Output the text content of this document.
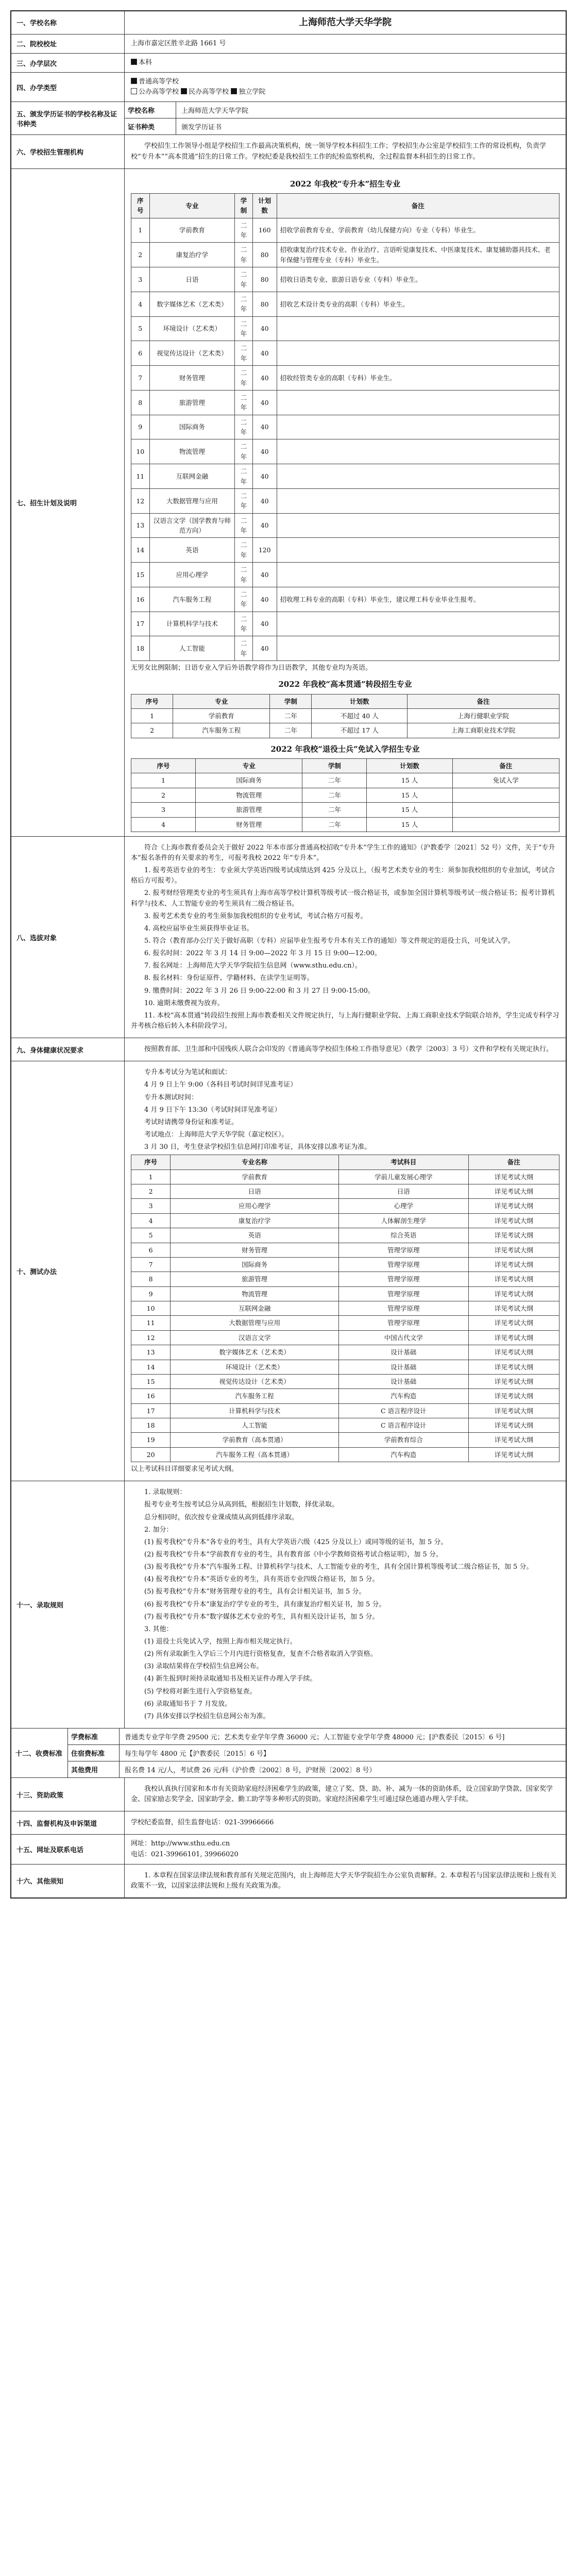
一、学校名称	上海师范大学天华学院
二、院校校址	上海市嘉定区胜辛北路 1661 号
三、办学层次	本科
四、办学类型
普通高等学校
公办高等学校 民办高等学校 独立学院
五、颁发学历证书的学校名称及证书种类
学校名称	上海师范大学天华学院
证书种类	颁发学历证书
六、学校招生管理机构

学校招生工作领导小组是学校招生工作最高决策机构，统一领导学校本科招生工作；学校招生办公室是学校招生工作的常设机构，负责学校“专升本”“高本贯通”招生的日常工作。学校纪委是我校招生工作的纪检监察机构，全过程监督本科招生的日常工作。

七、招生计划及说明
2022 年我校“专升本”招生专业
序号	专业	学制	计划数	备注
1	学前教育	二年	160	招收学前教育专业、学前教育（幼儿保健方向）专业（专科）毕业生。
2	康复治疗学	二年	80	招收康复治疗技术专业、作业治疗、言语听觉康复技术、中医康复技术、康复辅助器具技术、老年保健与管理专业（专科）毕业生。
3	日语	二年	80	招收日语类专业、旅游日语专业（专科）毕业生。
4	数字媒体艺术（艺术类）	二年	80	招收艺术设计类专业的高职（专科）毕业生。
5	环境设计（艺术类）	二年	40	
6	视觉传达设计（艺术类）	二年	40	
7	财务管理	二年	40	招收经管类专业的高职（专科）毕业生。
8	旅游管理	二年	40	
9	国际商务	二年	40	
10	物流管理	二年	40	
11	互联网金融	二年	40	
12	大数据管理与应用	二年	40	
13	汉语言文学（国学教育与师范方向）	二年	40	
14	英语	二年	120	
15	应用心理学	二年	40	
16	汽车服务工程	二年	40	招收理工科专业的高职（专科）毕业生，建议理工科专业毕业生报考。
17	计算机科学与技术	二年	40	
18	人工智能	二年	40	

无男女比例限制；日语专业入学后外语教学将作为日语教学，其他专业均为英语。

2022 年我校“高本贯通”转段招生专业
序号	专业	学制	计划数	备注
1	学前教育	二年	不超过 40 人	上海行健职业学院
2	汽车服务工程	二年	不超过 17 人	上海工商职业技术学院
2022 年我校“退役士兵”免试入学招生专业
序号	专业	学制	计划数	备注
1	国际商务	二年	15 人	免试入学
2	物流管理	二年	15 人	
3	旅游管理	二年	15 人	
4	财务管理	二年	15 人	
八、选拔对象

符合《上海市教育委员会关于做好 2022 年本市部分普通高校招收“专升本”学生工作的通知》（沪教委学〔2021〕52 号）文件，关于“专升本”报名条件的有关要求的考生，可报考我校 2022 年“专升本”。

1. 报考英语专业的考生：专业须大学英语四级考试成绩达到 425 分及以上，（报考艺术类专业的考生：须参加我校组织的专业加试，考试合格后方可报考）。

2. 报考财经管理类专业的考生须具有上海市高等学校计算机等级考试一级合格证书，或参加全国计算机等级考试一级合格证书；报考计算机科学与技术、人工智能专业的考生须具有二级合格证书。

3. 报考艺术类专业的考生须参加我校组织的专业考试，考试合格方可报考。

4. 高校应届毕业生须获得毕业证书。

5. 符合（教育部办公厅关于做好高职（专科）应届毕业生报考专升本有关工作的通知）等文件规定的退役士兵，可免试入学。

6. 报名时间：2022 年 3 月 14 日 9:00—2022 年 3 月 15 日 9:00—12:00。

7. 报名网址：上海师范大学天华学院招生信息网（www.sthu.edu.cn）。

8. 报名材料：身份证原件、学籍材料、在读学生证明等。

9. 缴费时间：2022 年 3 月 26 日 9:00-22:00 和 3 月 27 日 9:00-15:00。

10. 逾期未缴费视为放弃。

11. 本校“高本贯通”转段招生按照上海市教委相关文件规定执行，与上海行健职业学院、上海工商职业技术学院联合培养，学生完成专科学习并考核合格后转入本科阶段学习。

九、身体健康状况要求	按照教育部、卫生部和中国残疾人联合会印发的《普通高等学校招生体检工作指导意见》（教学〔2003〕3 号）文件和学校有关规定执行。

十、测试办法

专升本考试分为笔试和面试：

4 月 9 日上午 9:00（各科目考试时间详见准考证）

专升本测试时间：

4 月 9 日下午 13:30（考试时间详见准考证）

考试时请携带身份证和准考证。

考试地点：上海师范大学天华学院（嘉定校区）。

3 月 30 日，考生登录学校招生信息网打印准考证，具体安排以准考证为准。

序号	专业名称	考试科目	备注
1	学前教育	学前儿童发展心理学	详见考试大纲
2	日语	日语	详见考试大纲
3	应用心理学	心理学	详见考试大纲
4	康复治疗学	人体解剖生理学	详见考试大纲
5	英语	综合英语	详见考试大纲
6	财务管理	管理学原理	详见考试大纲
7	国际商务	管理学原理	详见考试大纲
8	旅游管理	管理学原理	详见考试大纲
9	物流管理	管理学原理	详见考试大纲
10	互联网金融	管理学原理	详见考试大纲
11	大数据管理与应用	管理学原理	详见考试大纲
12	汉语言文学	中国古代文学	详见考试大纲
13	数字媒体艺术（艺术类）	设计基础	详见考试大纲
14	环境设计（艺术类）	设计基础	详见考试大纲
15	视觉传达设计（艺术类）	设计基础	详见考试大纲
16	汽车服务工程	汽车构造	详见考试大纲
17	计算机科学与技术	C 语言程序设计	详见考试大纲
18	人工智能	C 语言程序设计	详见考试大纲
19	学前教育（高本贯通）	学前教育综合	详见考试大纲
20	汽车服务工程（高本贯通）	汽车构造	详见考试大纲

以上考试科目详细要求见考试大纲。

十一、录取规则

1. 录取规则：

报考专业考生按考试总分从高到低，根据招生计划数，择优录取。

总分相同时，依次按专业课成绩从高到低排序录取。

2. 加分：

(1) 报考我校“专升本”各专业的考生，具有大学英语六级（425 分及以上）或同等级的证书，加 5 分。

(2) 报考我校“专升本”学前教育专业的考生，具有教育部《中小学教师资格考试合格证明》，加 5 分。

(3) 报考我校“专升本”汽车服务工程、计算机科学与技术、人工智能专业的考生，具有全国计算机等级考试二级合格证书，加 5 分。

(4) 报考我校“专升本”英语专业的考生，具有英语专业四级合格证书，加 5 分。

(5) 报考我校“专升本”财务管理专业的考生，具有会计相关证书，加 5 分。

(6) 报考我校“专升本”康复治疗学专业的考生，具有康复治疗相关证书，加 5 分。

(7) 报考我校“专升本”数字媒体艺术专业的考生，具有相关设计证书，加 5 分。

3. 其他：

(1) 退役士兵免试入学，按照上海市相关规定执行。

(2) 所有录取新生入学后三个月内进行资格复查，复查不合格者取消入学资格。

(3) 录取结果将在学校招生信息网公布。

(4) 新生报到时须持录取通知书及相关证件办理入学手续。

(5) 学校将对新生进行入学资格复查。

(6) 录取通知书于 7 月发放。

(7) 具体安排以学校招生信息网公布为准。

十二、收费标准
学费标准	普通类专业学年学费 29500 元；艺术类专业学年学费 36000 元；人工智能专业学年学费 48000 元；[沪教委民〔2015〕6 号]
住宿费标准	每生每学年 4800 元【沪教委民〔2015〕6 号】
其他费用	报名费 14 元/人，考试费 26 元/科（沪价费〔2002〕8 号，沪财预〔2002〕8 号）
十三、资助政策

我校认真执行国家和本市有关资助家庭经济困难学生的政策，建立了奖、贷、助、补、减为一体的资助体系，设立国家助学贷款、国家奖学金、国家励志奖学金、国家助学金、勤工助学等多种形式的资助。家庭经济困难学生可通过绿色通道办理入学手续。

十四、监督机构及申诉渠道	学校纪委监督，招生监督电话：021-39966666

十五、网址及联系电话
网址：http://www.sthu.edu.cn
电话：021-39966101, 39966020
十六、其他须知

1. 本章程在国家法律法规和教育部有关规定范围内，由上海师范大学天华学院招生办公室负责解释。2. 本章程若与国家法律法规和上级有关政策不一致，以国家法律法规和上级有关政策为准。
